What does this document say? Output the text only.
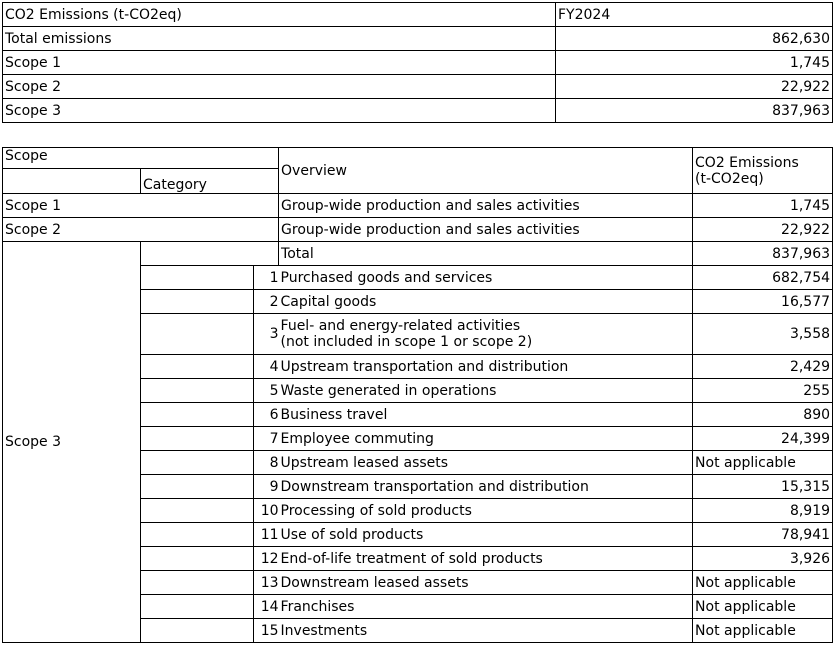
CO2 Emissions (t-CO2eq)	FY2024
Total emissions	862,630
Scope 1	1,745
Scope 2	22,922
Scope 3	837,963
Scope			Overview	CO2 Emissions
(t-CO2eq)

	Category			
Scope 1			Group-wide production and sales activities	1,745
Scope 2			Group-wide production and sales activities	22,922
Scope 3			Total	837,963
		1	Purchased goods and services	682,754
		2	Capital goods	16,577
		3	Fuel- and energy-related activities
(not included in scope 1 or scope 2)	3,558
		4	Upstream transportation and distribution	2,429
		5	Waste generated in operations	255
		6	Business travel	890
		7	Employee commuting	24,399
		8	Upstream leased assets	Not applicable
		9	Downstream transportation and distribution	15,315
		10	Processing of sold products	8,919
		11	Use of sold products	78,941
		12	End-of-life treatment of sold products	3,926
		13	Downstream leased assets	Not applicable
		14	Franchises	Not applicable
		15	Investments	Not applicable
